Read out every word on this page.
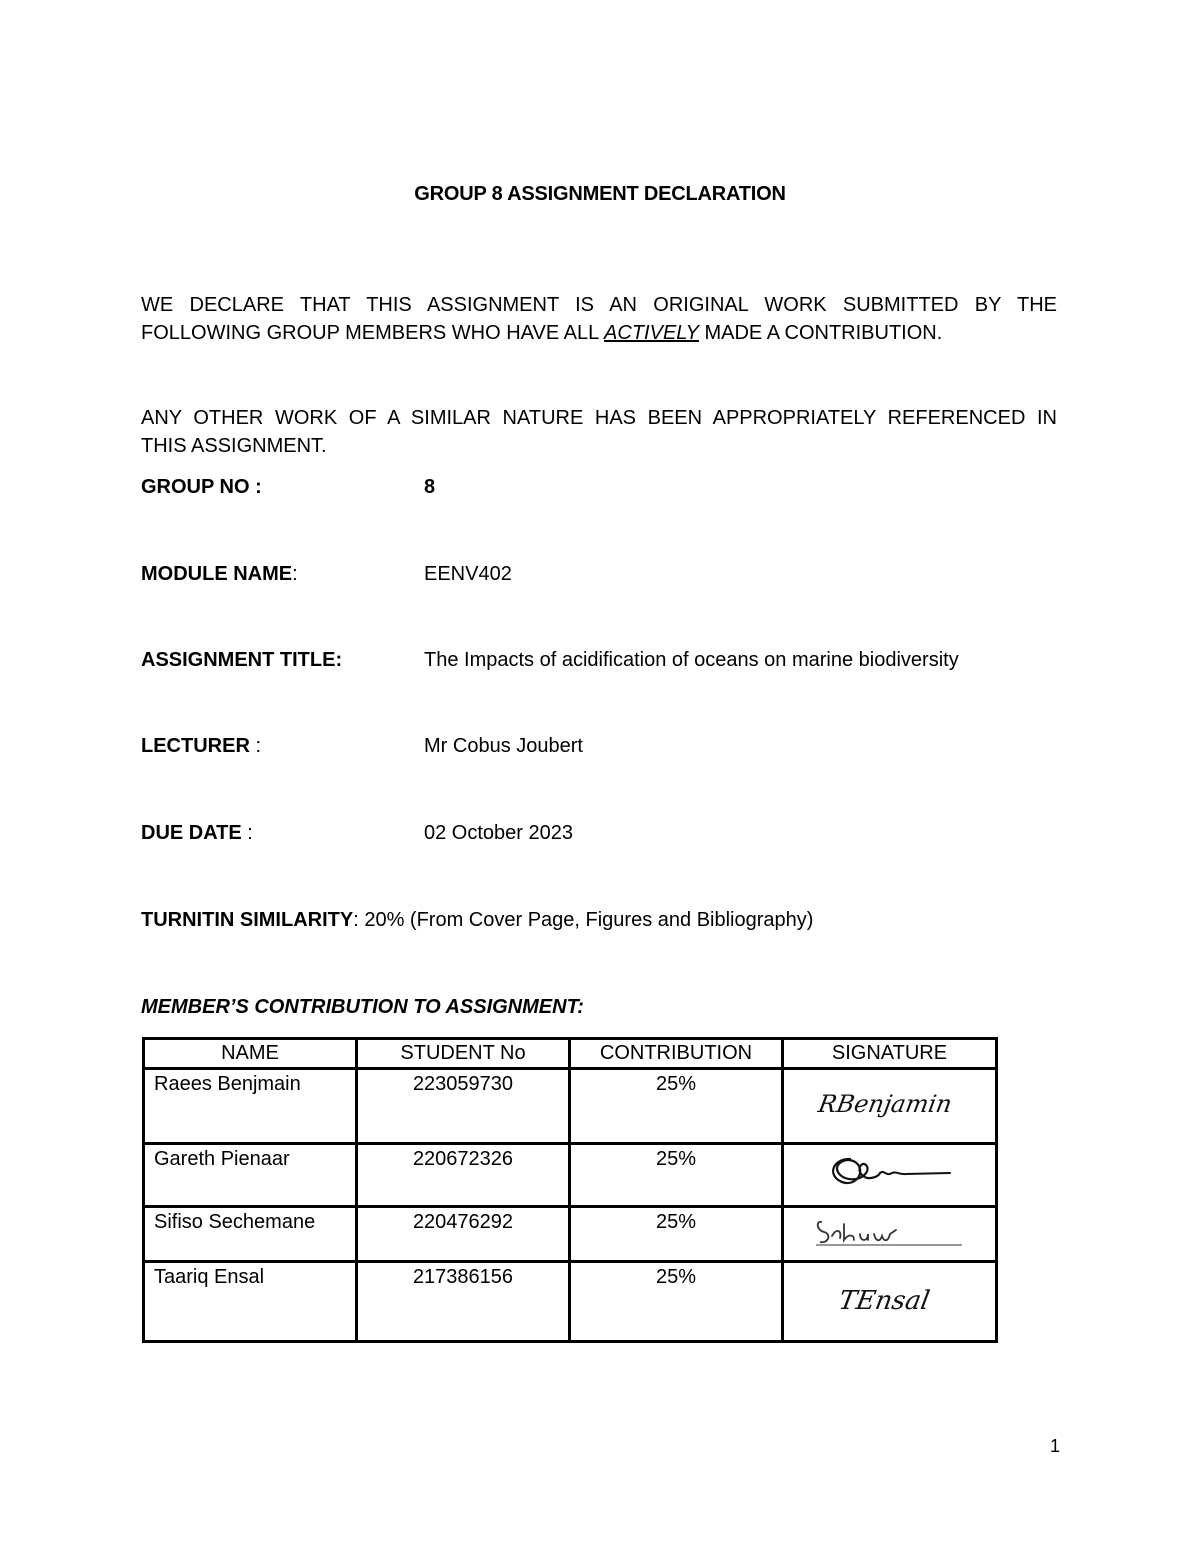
GROUP 8 ASSIGNMENT DECLARATION
WE DECLARE THAT THIS ASSIGNMENT IS AN ORIGINAL WORK SUBMITTED BY THE
FOLLOWING GROUP MEMBERS WHO HAVE ALL ACTIVELY MADE A CONTRIBUTION.
ANY OTHER WORK OF A SIMILAR NATURE HAS BEEN APPROPRIATELY REFERENCED IN
THIS ASSIGNMENT.
GROUP NO :	8
MODULE NAME:	EENV402
ASSIGNMENT TITLE:	The Impacts of acidification of oceans on marine biodiversity
LECTURER :	Mr Cobus Joubert
DUE DATE :	02 October 2023
TURNITIN SIMILARITY: 20% (From Cover Page, Figures and Bibliography)
MEMBER’S CONTRIBUTION TO ASSIGNMENT:
NAME	STUDENT No	CONTRIBUTION	SIGNATURE
Raees Benjmain	223059730	25%	RBenjamin

Gareth Pienaar	220672326	25%	

Sifiso Sechemane	220476292	25%	

Taariq Ensal	217386156	25%	TEnsal
1
